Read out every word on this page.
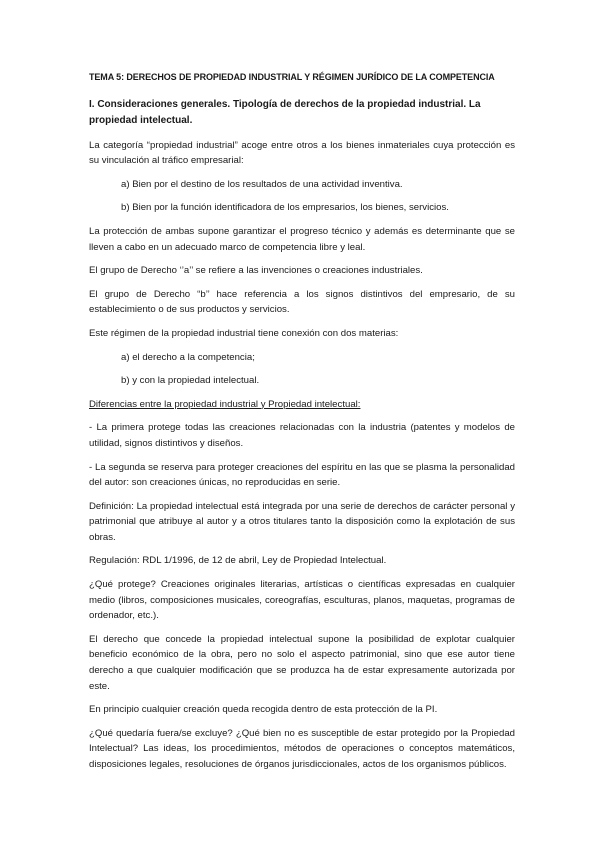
TEMA 5: DERECHOS DE PROPIEDAD INDUSTRIAL Y RÉGIMEN JURÍDICO DE LA COMPETENCIA

I. Consideraciones generales. Tipología de derechos de la propiedad industrial. La propiedad intelectual.

La categoría “propiedad industrial” acoge entre otros a los bienes inmateriales cuya protección es su vinculación al tráfico empresarial:

a) Bien por el destino de los resultados de una actividad inventiva.

b) Bien por la función identificadora de los empresarios, los bienes, servicios.

La protección de ambas supone garantizar el progreso técnico y además es determinante que se lleven a cabo en un adecuado marco de competencia libre y leal.

El grupo de Derecho ‘’a’’ se refiere a las invenciones o creaciones industriales.

El grupo de Derecho “b’’ hace referencia a los signos distintivos del empresario, de su establecimiento o de sus productos y servicios.

Este régimen de la propiedad industrial tiene conexión con dos materias:

a) el derecho a la competencia;

b) y con la propiedad intelectual.

Diferencias entre la propiedad industrial y Propiedad intelectual:

- La primera protege todas las creaciones relacionadas con la industria (patentes y modelos de utilidad, signos distintivos y diseños.

- La segunda se reserva para proteger creaciones del espíritu en las que se plasma la personalidad del autor: son creaciones únicas, no reproducidas en serie.

Definición: La propiedad intelectual está integrada por una serie de derechos de carácter personal y patrimonial que atribuye al autor y a otros titulares tanto la disposición como la explotación de sus obras.

Regulación: RDL 1/1996, de 12 de abril, Ley de Propiedad Intelectual.

¿Qué protege? Creaciones originales literarias, artísticas o científicas expresadas en cualquier medio (libros, composiciones musicales, coreografías, esculturas, planos, maquetas, programas de ordenador, etc.).

El derecho que concede la propiedad intelectual supone la posibilidad de explotar cualquier beneficio económico de la obra, pero no solo el aspecto patrimonial, sino que ese autor tiene derecho a que cualquier modificación que se produzca ha de estar expresamente autorizada por este.

En principio cualquier creación queda recogida dentro de esta protección de la PI.

¿Qué quedaría fuera/se excluye? ¿Qué bien no es susceptible de estar protegido por la Propiedad Intelectual? Las ideas, los procedimientos, métodos de operaciones o conceptos matemáticos, disposiciones legales, resoluciones de órganos jurisdiccionales, actos de los organismos públicos.
